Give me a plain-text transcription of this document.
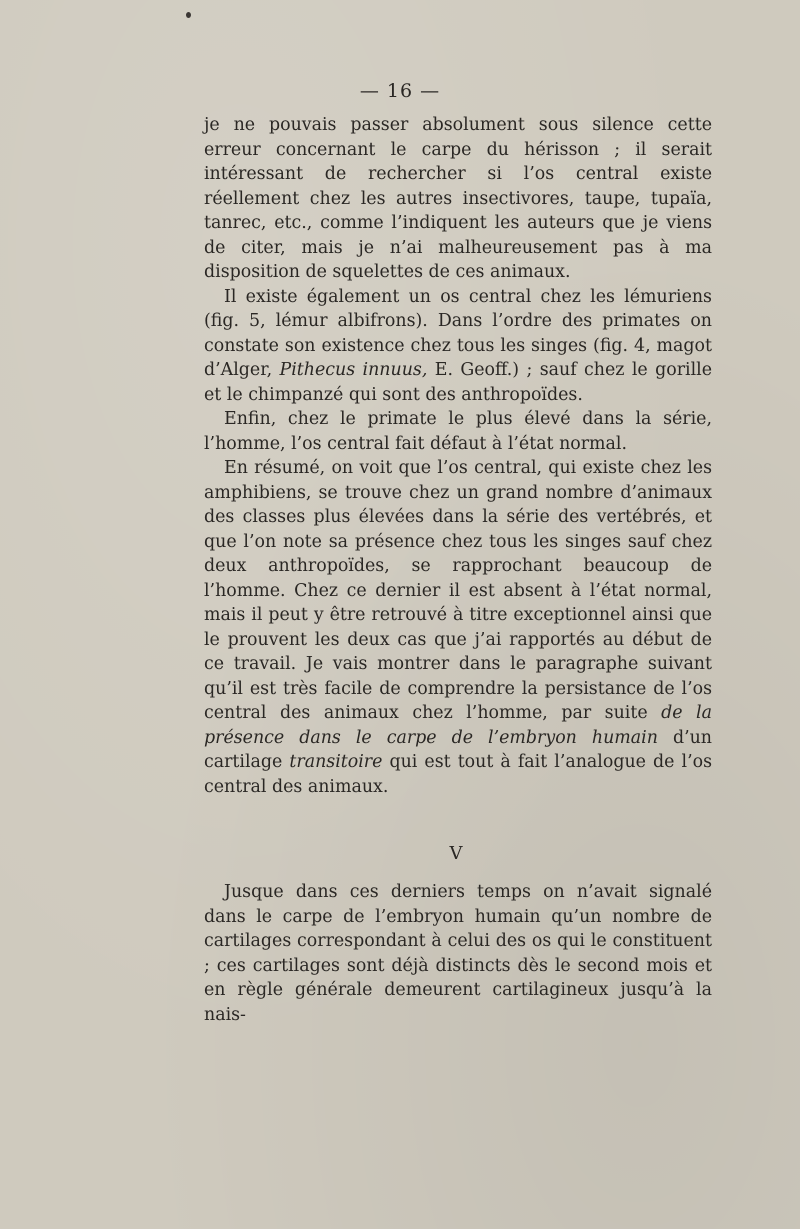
— 16 —

je ne pouvais passer absolument sous silence cette erreur concernant le carpe du hérisson ; il serait intéressant de rechercher si l’os central existe réellement chez les autres insectivores, taupe, tupaïa, tanrec, etc., comme l’indiquent les auteurs que je viens de citer, mais je n’ai malheureusement pas à ma disposition de squelettes de ces animaux.

Il existe également un os central chez les lémuriens (fig. 5, lémur albifrons). Dans l’ordre des primates on constate son existence chez tous les singes (fig. 4, magot d’Alger, Pithecus innuus, E. Geoff.) ; sauf chez le gorille et le chimpanzé qui sont des anthropoïdes.

Enfin, chez le primate le plus élevé dans la série, l’homme, l’os central fait défaut à l’état normal.

En résumé, on voit que l’os central, qui existe chez les amphibiens, se trouve chez un grand nombre d’animaux des classes plus élevées dans la série des vertébrés, et que l’on note sa présence chez tous les singes sauf chez deux anthropoïdes, se rapprochant beaucoup de l’homme. Chez ce dernier il est absent à l’état normal, mais il peut y être retrouvé à titre exceptionnel ainsi que le prouvent les deux cas que j’ai rapportés au début de ce travail. Je vais montrer dans le paragraphe suivant qu’il est très facile de comprendre la persistance de l’os central des animaux chez l’homme, par suite de la présence dans le carpe de l’embryon humain d’un cartilage transitoire qui est tout à fait l’analogue de l’os central des animaux.

V

Jusque dans ces derniers temps on n’avait signalé dans le carpe de l’embryon humain qu’un nombre de cartilages correspondant à celui des os qui le constituent ; ces cartilages sont déjà distincts dès le second mois et en règle générale demeurent cartilagineux jusqu’à la nais-
